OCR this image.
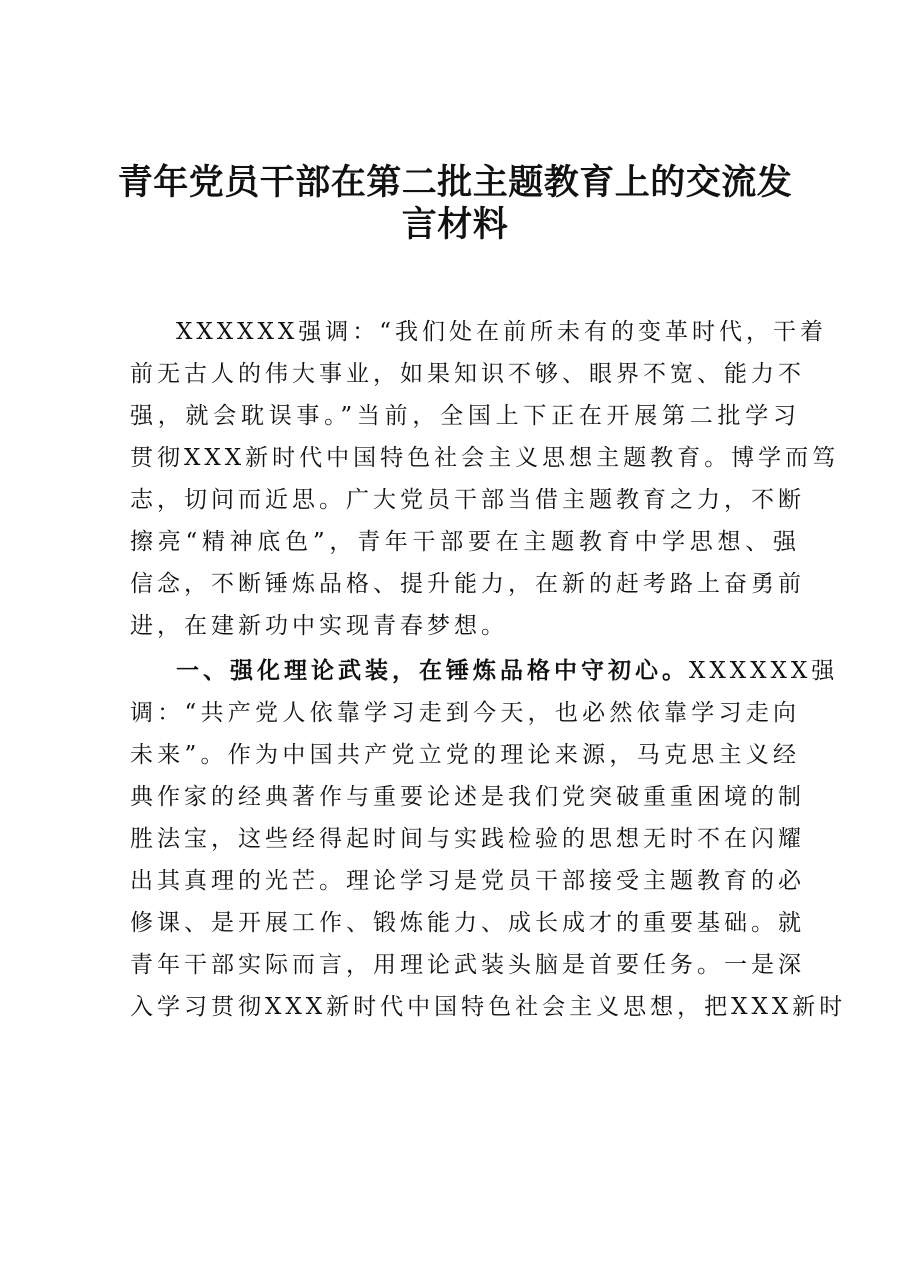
青年党员干部在第二批主题教育上的交流发
言材料
XXXXXX强调：“我们处在前所未有的变革时代，干着
前无古人的伟大事业，如果知识不够、眼界不宽、能力不
强，就会耽误事。”当前，全国上下正在开展第二批学习
贯彻XXX新时代中国特色社会主义思想主题教育。博学而笃
志，切问而近思。广大党员干部当借主题教育之力，不断
擦亮“精神底色”，青年干部要在主题教育中学思想、强
信念，不断锤炼品格、提升能力，在新的赶考路上奋勇前
进，在建新功中实现青春梦想。
一、强化理论武装，在锤炼品格中守初心。XXXXXX强
调：“共产党人依靠学习走到今天，也必然依靠学习走向
未来”。作为中国共产党立党的理论来源，马克思主义经
典作家的经典著作与重要论述是我们党突破重重困境的制
胜法宝，这些经得起时间与实践检验的思想无时不在闪耀
出其真理的光芒。理论学习是党员干部接受主题教育的必
修课、是开展工作、锻炼能力、成长成才的重要基础。就
青年干部实际而言，用理论武装头脑是首要任务。一是深
入学习贯彻XXX新时代中国特色社会主义思想，把XXX新时
